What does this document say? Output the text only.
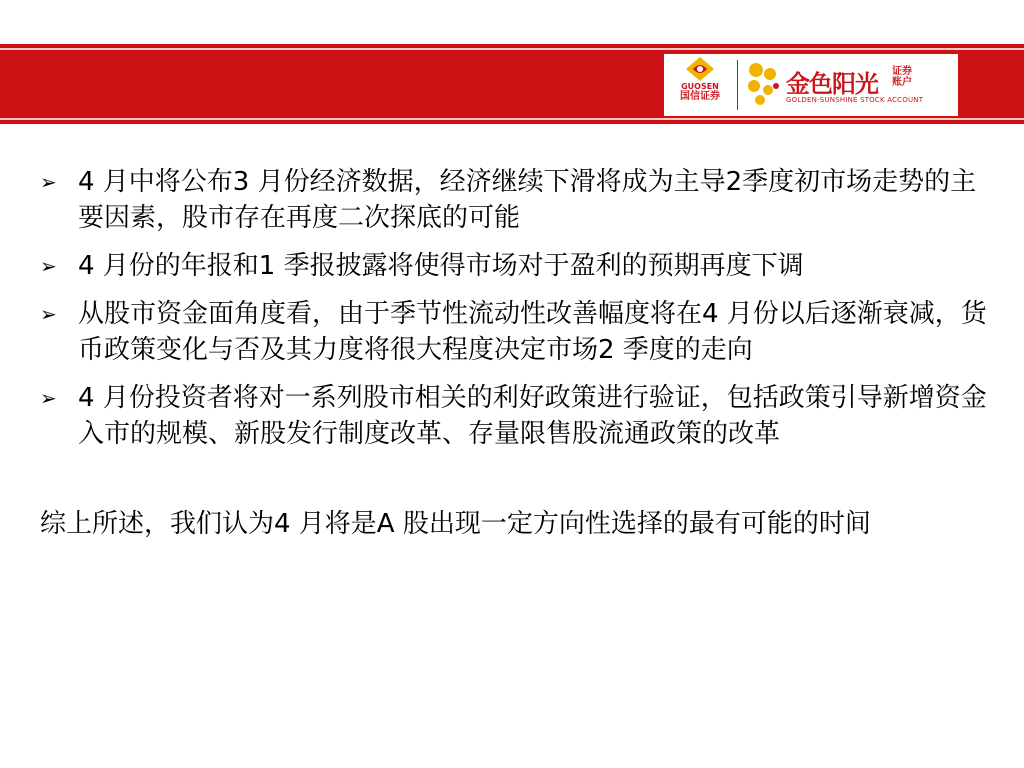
GUOSEN
国信证券	金色阳光 证券账户
GOLDEN-SUNSHINE STOCK ACCOUNT
➢ 4 月中将公布3 月份经济数据，经济继续下滑将成为主导2季度初市场走势的主要因素，股市存在再度二次探底的可能
➢ 4 月份的年报和1 季报披露将使得市场对于盈利的预期再度下调
➢ 从股市资金面角度看，由于季节性流动性改善幅度将在4 月份以后逐渐衰减，货币政策变化与否及其力度将很大程度决定市场2 季度的走向
➢ 4 月份投资者将对一系列股市相关的利好政策进行验证，包括政策引导新增资金入市的规模、新股发行制度改革、存量限售股流通政策的改革
综上所述，我们认为4 月将是A 股出现一定方向性选择的最有可能的时间
